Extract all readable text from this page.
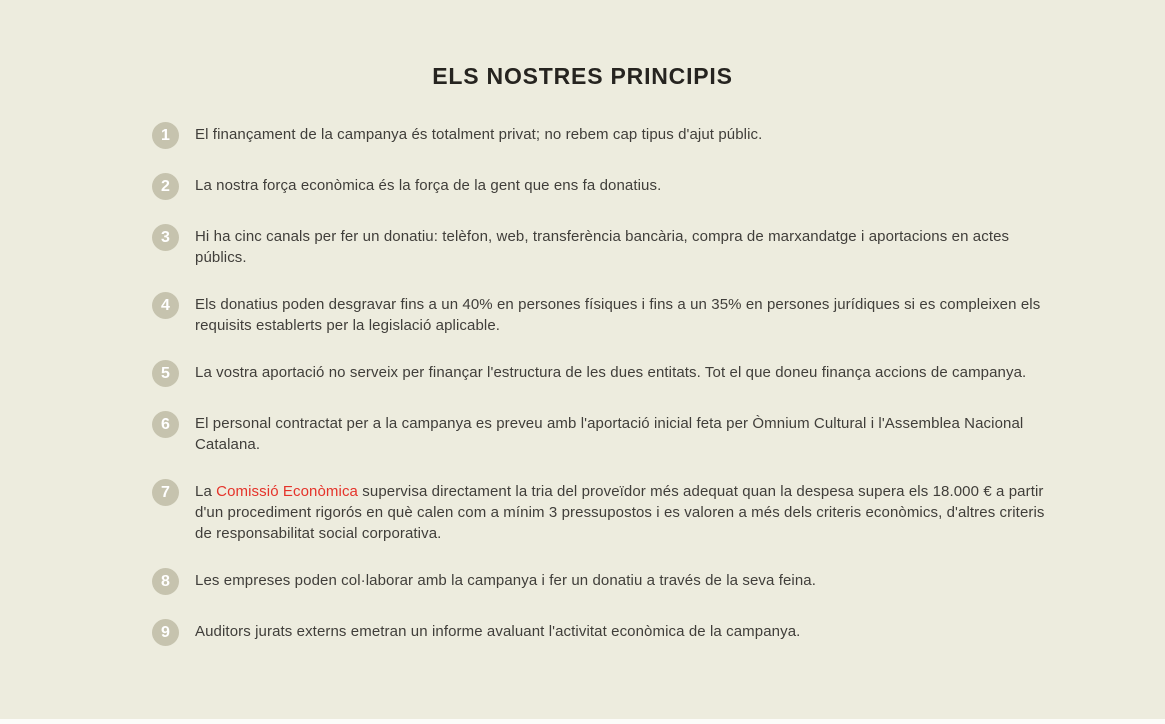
ELS NOSTRES PRINCIPIS
1	El finançament de la campanya és totalment privat; no rebem cap tipus d'ajut públic.

2	La nostra força econòmica és la força de la gent que ens fa donatius.

3	Hi ha cinc canals per fer un donatiu: telèfon, web, transferència bancària, compra de marxandatge i aportacions en actes públics.

4	Els donatius poden desgravar fins a un 40% en persones físiques i fins a un 35% en persones jurídiques si es compleixen els requisits establerts per la legislació aplicable.

5	La vostra aportació no serveix per finançar l'estructura de les dues entitats. Tot el que doneu finança accions de campanya.

6	El personal contractat per a la campanya es preveu amb l'aportació inicial feta per Òmnium Cultural i l'Assemblea Nacional Catalana.

7	La Comissió Econòmica supervisa directament la tria del proveïdor més adequat quan la despesa supera els 18.000 € a partir d'un procediment rigorós en què calen com a mínim 3 pressupostos i es valoren a més dels criteris econòmics, d'altres criteris de responsabilitat social corporativa.

8	Les empreses poden col·laborar amb la campanya i fer un donatiu a través de la seva feina.

9	Auditors jurats externs emetran un informe avaluant l'activitat econòmica de la campanya.
